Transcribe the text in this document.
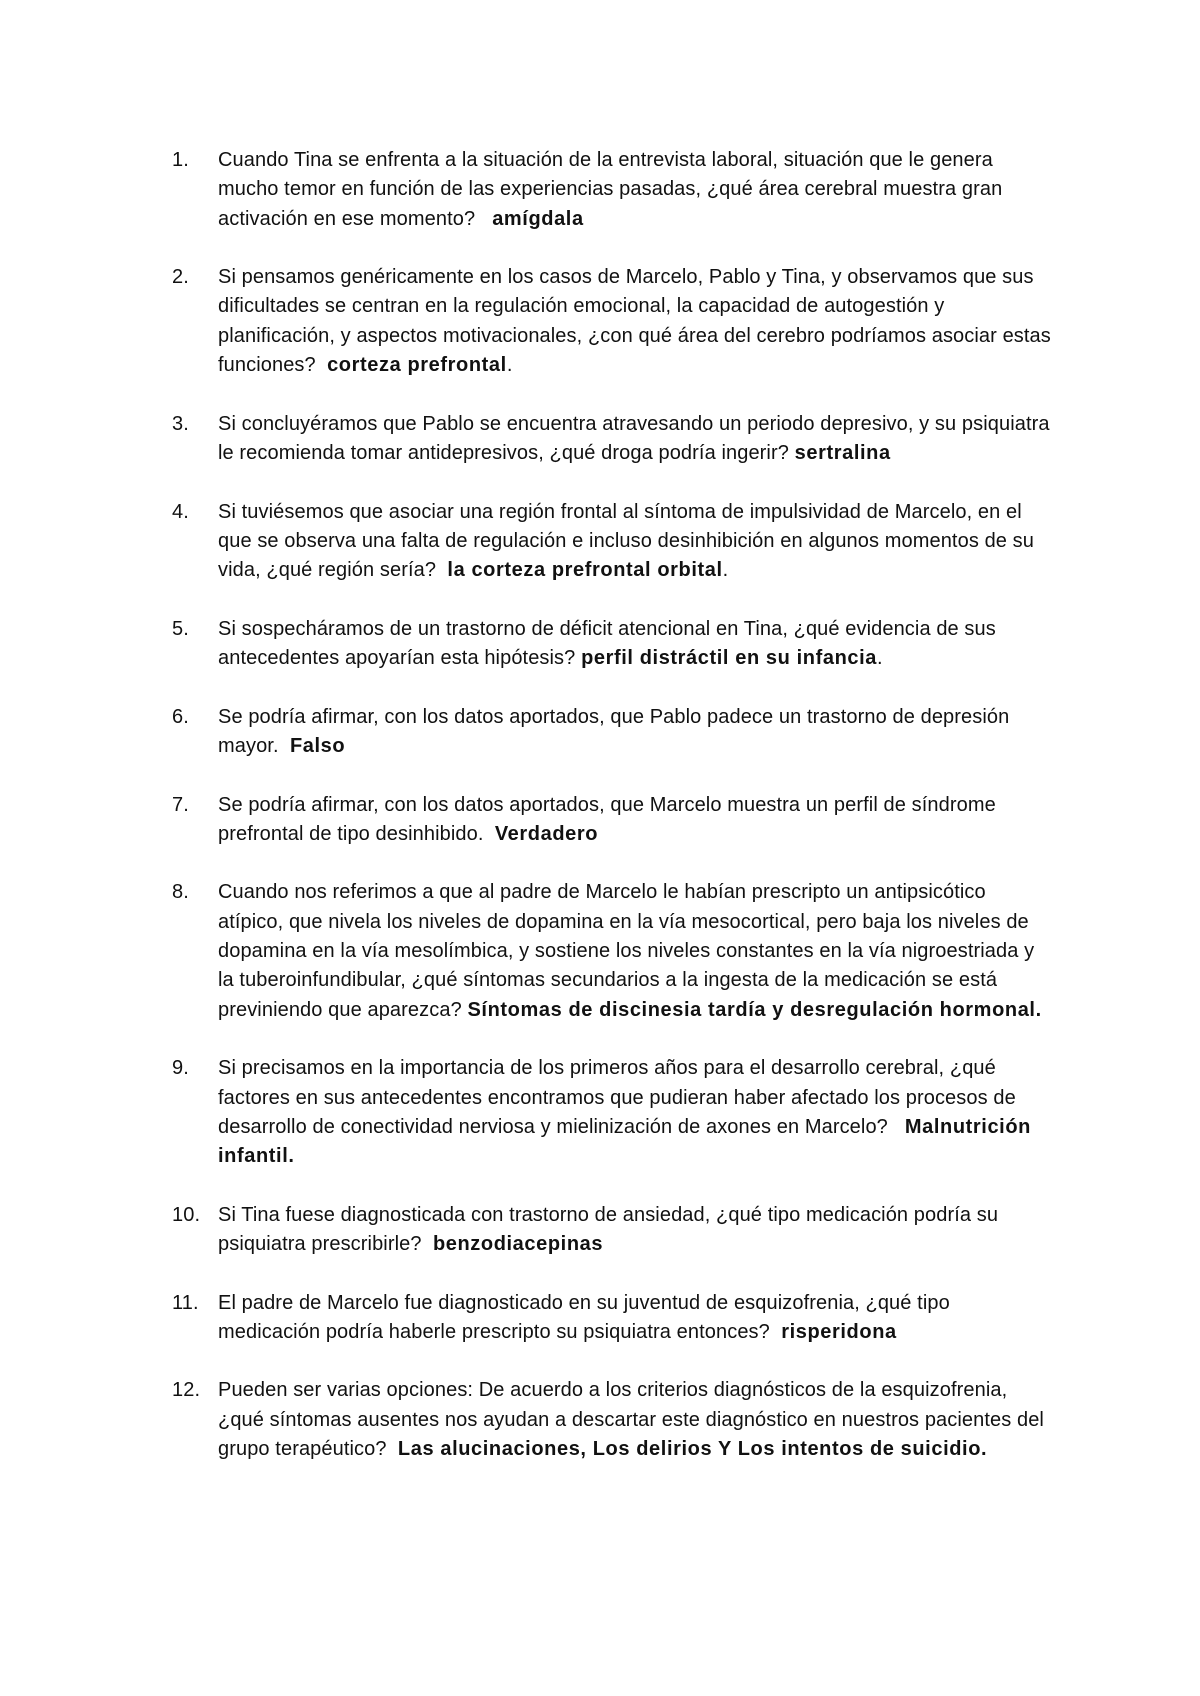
1.	Cuando Tina se enfrenta a la situación de la entrevista laboral, situación que le genera mucho temor en función de las experiencias pasadas, ¿qué área cerebral muestra gran activación en ese momento? amígdala
2.	Si pensamos genéricamente en los casos de Marcelo, Pablo y Tina, y observamos que sus dificultades se centran en la regulación emocional, la capacidad de autogestión y planificación, y aspectos motivacionales, ¿con qué área del cerebro podríamos asociar estas funciones? corteza prefrontal.
3.	Si concluyéramos que Pablo se encuentra atravesando un periodo depresivo, y su psiquiatra le recomienda tomar antidepresivos, ¿qué droga podría ingerir? sertralina
4.	Si tuviésemos que asociar una región frontal al síntoma de impulsividad de Marcelo, en el que se observa una falta de regulación e incluso desinhibición en algunos momentos de su vida, ¿qué región sería? la corteza prefrontal orbital.
5.	Si sospecháramos de un trastorno de déficit atencional en Tina, ¿qué evidencia de sus antecedentes apoyarían esta hipótesis? perfil distráctil en su infancia.
6.	Se podría afirmar, con los datos aportados, que Pablo padece un trastorno de depresión mayor. Falso
7.	Se podría afirmar, con los datos aportados, que Marcelo muestra un perfil de síndrome prefrontal de tipo desinhibido. Verdadero
8.	Cuando nos referimos a que al padre de Marcelo le habían prescripto un antipsicótico atípico, que nivela los niveles de dopamina en la vía mesocortical, pero baja los niveles de dopamina en la vía mesolímbica, y sostiene los niveles constantes en la vía nigroestriada y la tuberoinfundibular, ¿qué síntomas secundarios a la ingesta de la medicación se está previniendo que aparezca? Síntomas de discinesia tardía y desregulación hormonal.
9.	Si precisamos en la importancia de los primeros años para el desarrollo cerebral, ¿qué factores en sus antecedentes encontramos que pudieran haber afectado los procesos de desarrollo de conectividad nerviosa y mielinización de axones en Marcelo? Malnutrición infantil.
10. Si Tina fuese diagnosticada con trastorno de ansiedad, ¿qué tipo medicación podría su psiquiatra prescribirle? benzodiacepinas
11. El padre de Marcelo fue diagnosticado en su juventud de esquizofrenia, ¿qué tipo medicación podría haberle prescripto su psiquiatra entonces? risperidona
12. Pueden ser varias opciones: De acuerdo a los criterios diagnósticos de la esquizofrenia, ¿qué síntomas ausentes nos ayudan a descartar este diagnóstico en nuestros pacientes del grupo terapéutico? Las alucinaciones, Los delirios Y Los intentos de suicidio.
